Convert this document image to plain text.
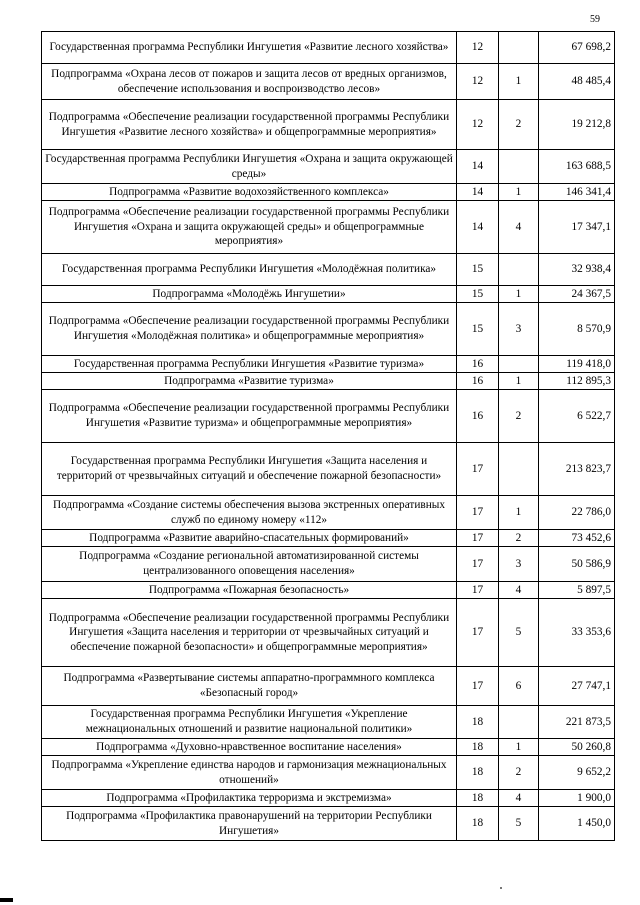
59
Государственная программа Республики Ингушетия «Развитие лесного хозяйства»	12		67 698,2
Подпрограмма «Охрана лесов от пожаров и защита лесов от вредных организмов, обеспечение использования и воспроизводство лесов»	12	1	48 485,4
Подпрограмма «Обеспечение реализации государственной программы Республики Ингушетия «Развитие лесного хозяйства» и общепрограммные мероприятия»	12	2	19 212,8
Государственная программа Республики Ингушетия «Охрана и защита окружающей среды»	14		163 688,5
Подпрограмма «Развитие водохозяйственного комплекса»	14	1	146 341,4
Подпрограмма «Обеспечение реализации государственной программы Республики Ингушетия «Охрана и защита окружающей среды» и общепрограммные мероприятия»	14	4	17 347,1
Государственная программа Республики Ингушетия «Молодёжная политика»	15		32 938,4
Подпрограмма «Молодёжь Ингушетии»	15	1	24 367,5
Подпрограмма «Обеспечение реализации государственной программы Республики Ингушетия «Молодёжная политика» и общепрограммные мероприятия»	15	3	8 570,9
Государственная программа Республики Ингушетия «Развитие туризма»	16		119 418,0
Подпрограмма «Развитие туризма»	16	1	112 895,3
Подпрограмма «Обеспечение реализации государственной программы Республики Ингушетия «Развитие туризма» и общепрограммные мероприятия»	16	2	6 522,7
Государственная программа Республики Ингушетия «Защита населения и территорий от чрезвычайных ситуаций и обеспечение пожарной безопасности»	17		213 823,7
Подпрограмма «Создание системы обеспечения вызова экстренных оперативных служб по единому номеру «112»	17	1	22 786,0
Подпрограмма «Развитие аварийно-спасательных формирований»	17	2	73 452,6
Подпрограмма «Создание региональной автоматизированной системы централизованного оповещения населения»	17	3	50 586,9
Подпрограмма «Пожарная безопасность»	17	4	5 897,5
Подпрограмма «Обеспечение реализации государственной программы Республики Ингушетия «Защита населения и территории от чрезвычайных ситуаций и обеспечение пожарной безопасности» и общепрограммные мероприятия»	17	5	33 353,6
Подпрограмма «Развертывание системы аппаратно-программного комплекса «Безопасный город»	17	6	27 747,1
Государственная программа Республики Ингушетия «Укрепление межнациональных отношений и развитие национальной политики»	18		221 873,5
Подпрограмма «Духовно-нравственное воспитание населения»	18	1	50 260,8
Подпрограмма «Укрепление единства народов и гармонизация межнациональных отношений»	18	2	9 652,2
Подпрограмма «Профилактика терроризма и экстремизма»	18	4	1 900,0
Подпрограмма «Профилактика правонарушений на территории Республики Ингушетия»	18	5	1 450,0
